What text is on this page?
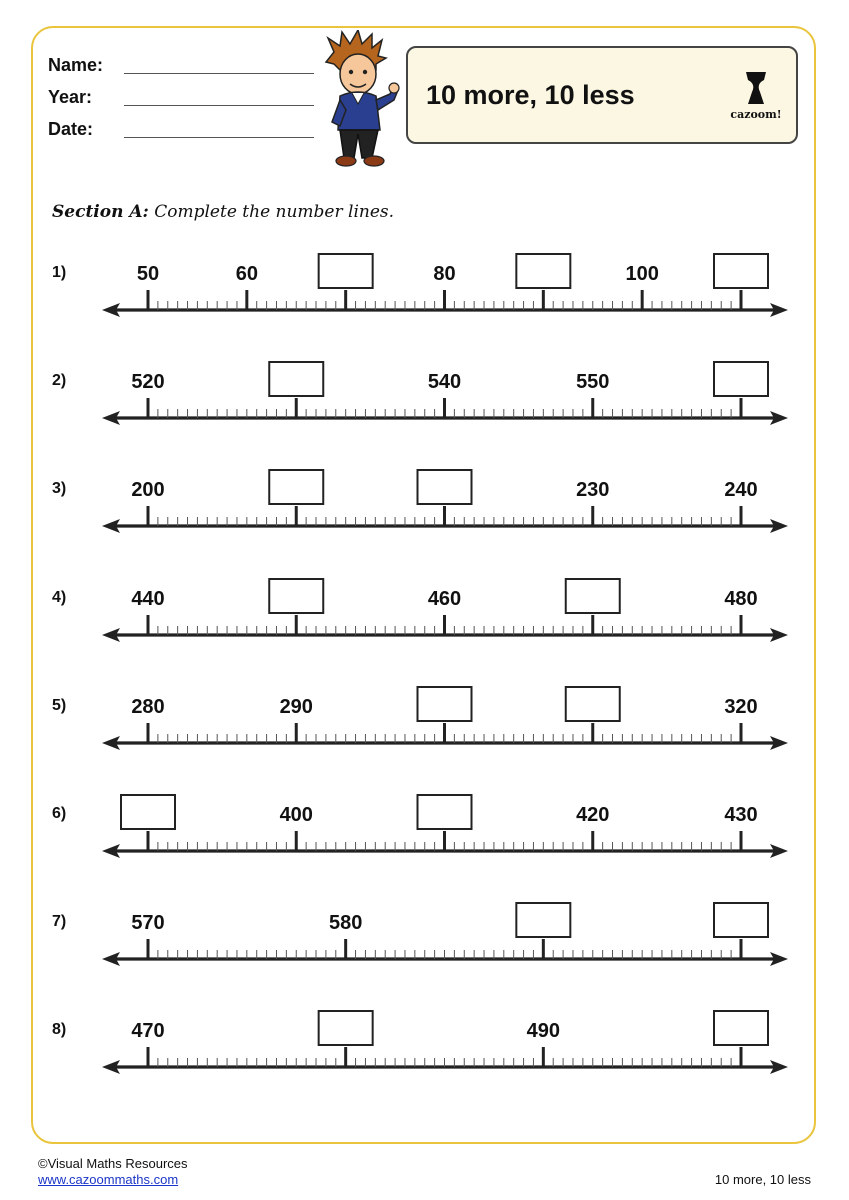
Name:
Year:
Date:
10 more, 10 less
cazoom!
Section A: Complete the number lines.
1)	50	60	80	100
2)	520	540	550
3)	200	230	240
4)	440	460	480
5)	280	290	320
6)	400	420	430
7)	570	580
8)	470	490
©Visual Maths Resources
www.cazoommaths.com	10 more, 10 less
